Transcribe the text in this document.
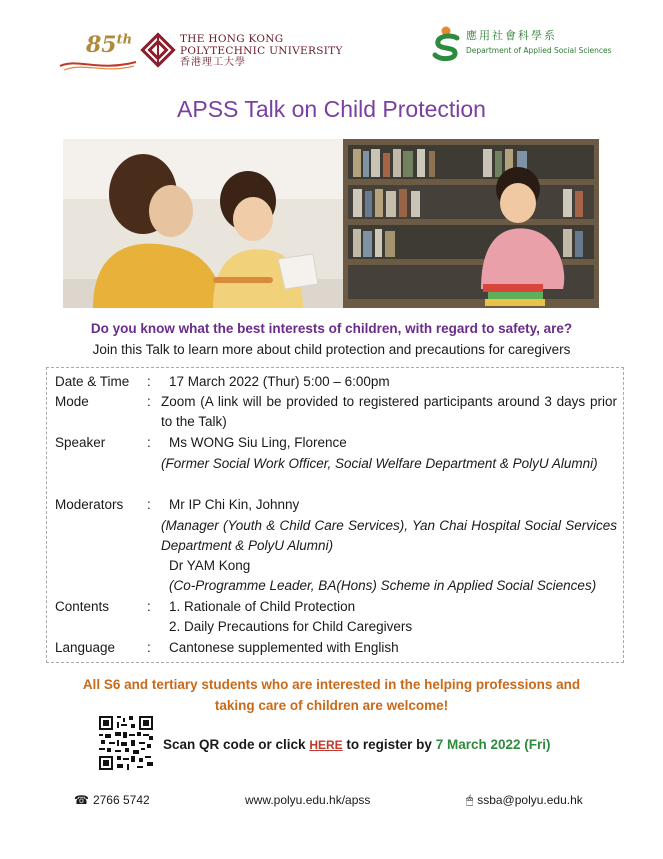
85th	THE HONG KONG
POLYTECHNIC UNIVERSITY
香港理工大學
應用社會科學系
Department of Applied Social Sciences
APSS Talk on Child Protection
Do you know what the best interests of children, with regard to safety, are?
Join this Talk to learn more about child protection and precautions for caregivers
Date & Time	: 17 March 2022 (Thur) 5:00 – 6:00pm
Mode	: Zoom (A link will be provided to registered participants around 3 days prior to the Talk)
Speaker	: Ms WONG Siu Ling, Florence
(Former Social Work Officer, Social Welfare Department & PolyU Alumni)
Moderators	: Mr IP Chi Kin, Johnny
(Manager (Youth & Child Care Services), Yan Chai Hospital Social Services Department & PolyU Alumni)
Dr YAM Kong
(Co-Programme Leader, BA(Hons) Scheme in Applied Social Sciences)
Contents	: 1. Rationale of Child Protection
2. Daily Precautions for Child Caregivers
Language	: Cantonese supplemented with English
All S6 and tertiary students who are interested in the helping professions and
taking care of children are welcome!
Scan QR code or click HERE to register by 7 March 2022 (Fri)
☎ 2766 5742	www.polyu.edu.hk/apss	🖱 ssba@polyu.edu.hk
